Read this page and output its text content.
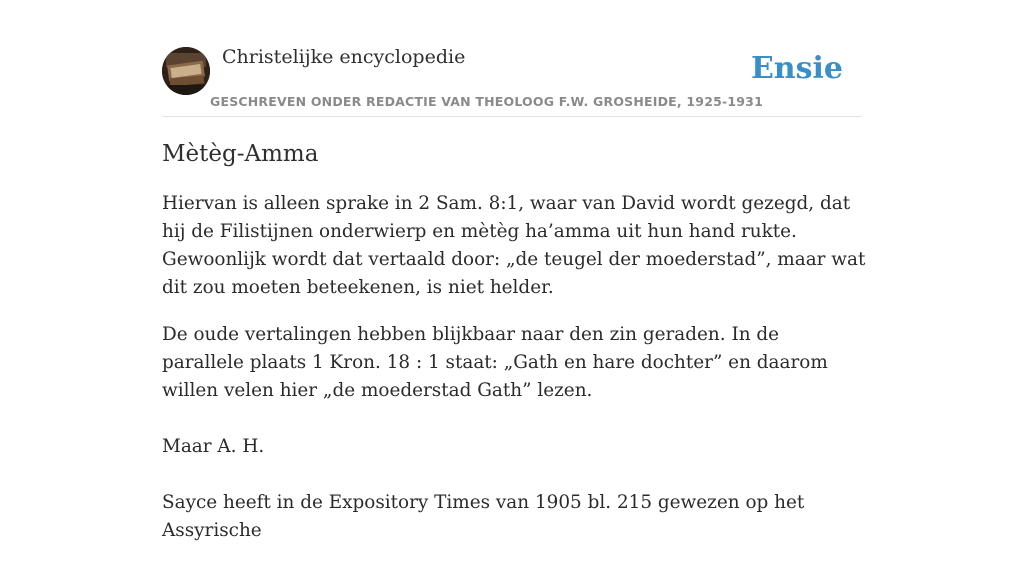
Christelijke encyclopedie
GESCHREVEN ONDER REDACTIE VAN THEOLOOG F.W. GROSHEIDE, 1925-1931
Ensie
Mètèg-Amma

Hiervan is alleen sprake in 2 Sam. 8:1, waar van David wordt gezegd, dat hij de Filistijnen onderwierp en mètèg ha’amma uit hun hand rukte. Gewoonlijk wordt dat vertaald door: „de teugel der moederstad”, maar wat dit zou moeten beteekenen, is niet helder.

De oude vertalingen hebben blijkbaar naar den zin geraden. In de parallele plaats 1 Kron. 18 : 1 staat: „Gath en hare dochter” en daarom willen velen hier „de moederstad Gath” lezen.

Maar A. H.

Sayce heeft in de Expository Times van 1905 bl. 215 gewezen op het Assyrische
